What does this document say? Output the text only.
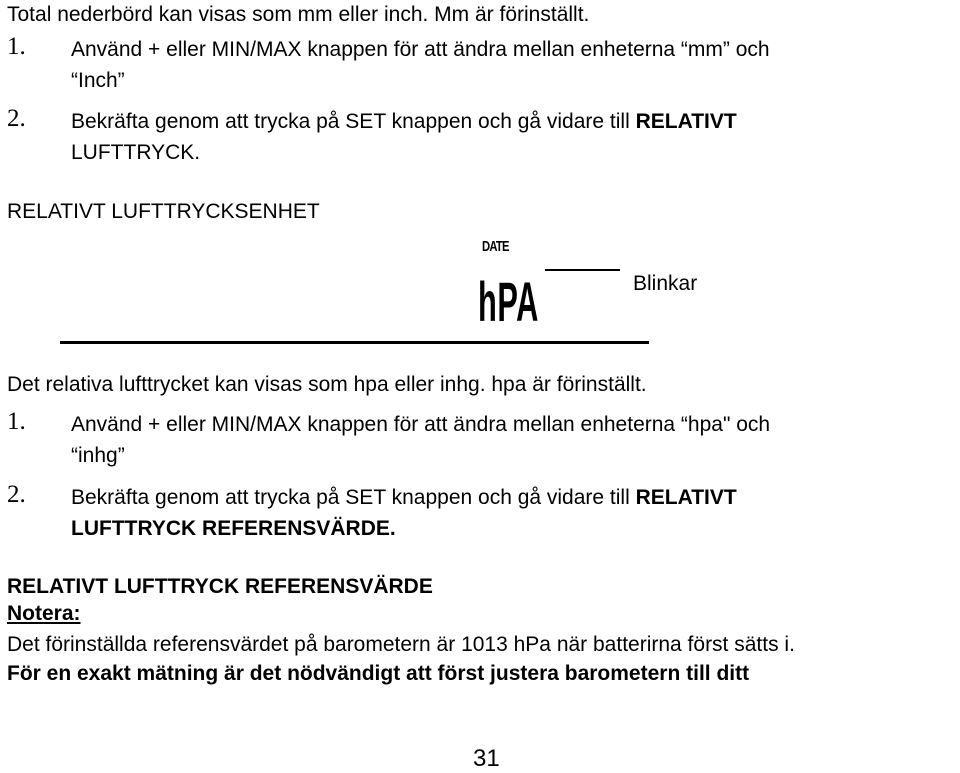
Total nederbörd kan visas som mm eller inch. Mm är förinställt.
1. Använd + eller MIN/MAX knappen för att ändra mellan enheterna “mm” och
“Inch”
2. Bekräfta genom att trycka på SET knappen och gå vidare till RELATIVT
LUFTTRYCK.
RELATIVT LUFTTRYCKSENHET
DATE
hPA	Blinkar
Det relativa lufttrycket kan visas som hpa eller inhg. hpa är förinställt.
1. Använd + eller MIN/MAX knappen för att ändra mellan enheterna “hpa" och
“inhg”
2. Bekräfta genom att trycka på SET knappen och gå vidare till RELATIVT
LUFTTRYCK REFERENSVÄRDE.
RELATIVT LUFTTRYCK REFERENSVÄRDE
Notera:
Det förinställda referensvärdet på barometern är 1013 hPa när batterirna först sätts i.
För en exakt mätning är det nödvändigt att först justera barometern till ditt
31
